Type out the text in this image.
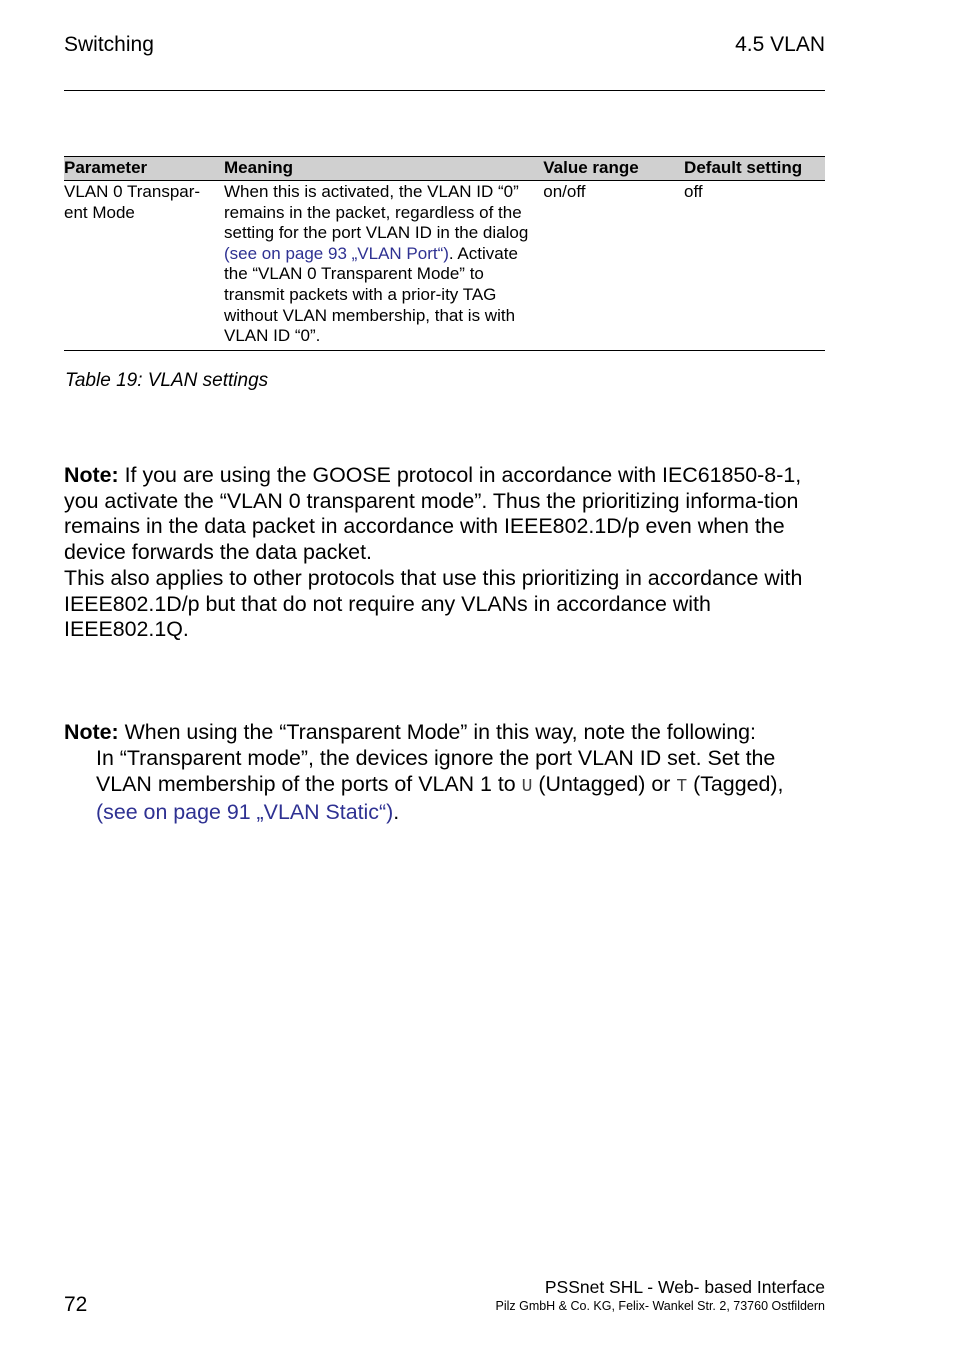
Switching	4.5 VLAN
Parameter	Meaning	Value range	Default setting
VLAN 0 Transpar-
ent Mode	When this is activated, the VLAN ID “0” remains in the packet, regardless of the setting for the port VLAN ID in the dialog (see on page 93 „VLAN Port“). Activate the “VLAN 0 Transparent Mode” to transmit packets with a prior-ity TAG without VLAN membership, that is with VLAN ID “0”.	on/off	off
Table 19: VLAN settings
Note: If you are using the GOOSE protocol in accordance with IEC61850-8-1, you activate the “VLAN 0 transparent mode”. Thus the prioritizing informa-tion remains in the data packet in accordance with IEEE802.1D/p even when the device forwards the data packet.
This also applies to other protocols that use this prioritizing in accordance with IEEE802.1D/p but that do not require any VLANs in accordance with IEEE802.1Q.
Note: When using the “Transparent Mode” in this way, note the following:
In “Transparent mode”, the devices ignore the port VLAN ID set. Set the VLAN membership of the ports of VLAN 1 to U (Untagged) or T (Tagged),
(see on page 91 „VLAN Static“).
PSSnet SHL - Web- based Interface
Pilz GmbH & Co. KG, Felix- Wankel Str. 2, 73760 Ostfildern
72
